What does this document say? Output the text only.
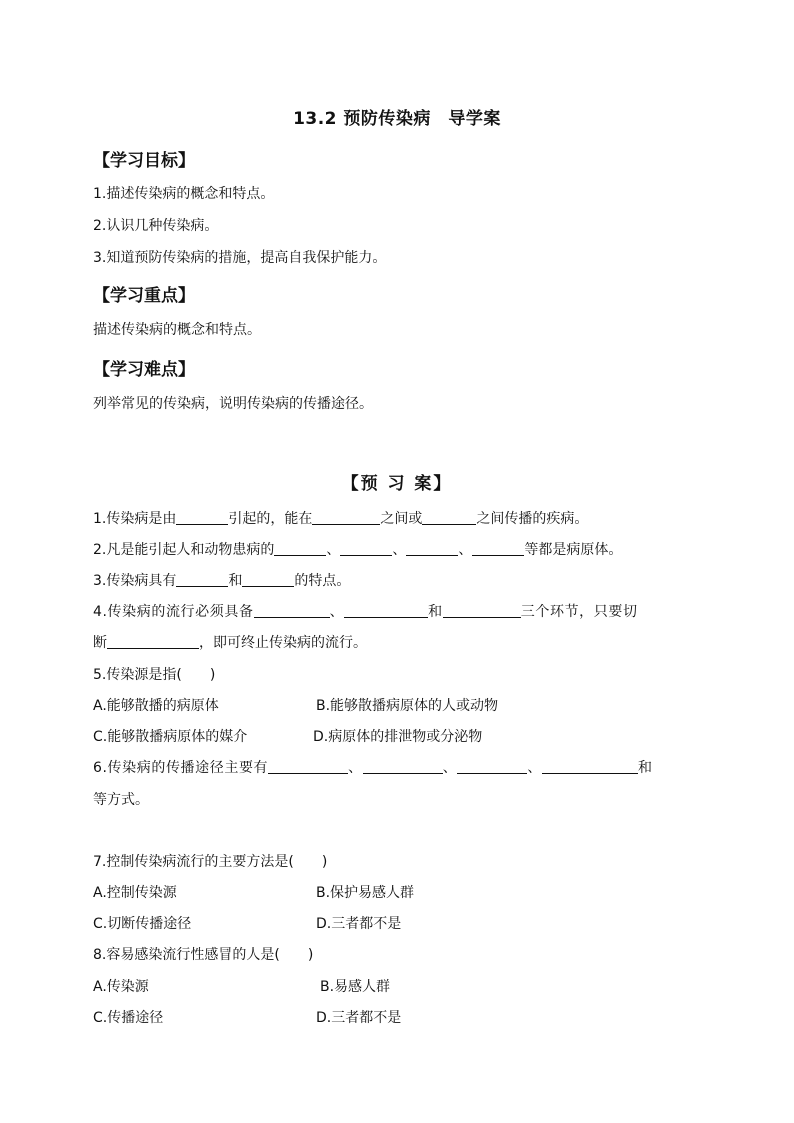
13.2 预防传染病　导学案
【学习目标】
1.描述传染病的概念和特点。
2.认识几种传染病。
3.知道预防传染病的措施，提高自我保护能力。
【学习重点】
描述传染病的概念和特点。
【学习难点】
列举常见的传染病，说明传染病的传播途径。
【预 习 案】
1.传染病是由	引起的，能在	之间或	之间传播的疾病。
2.凡是能引起人和动物患病的	、	、	、	等都是病原体。
3.传染病具有	和	的特点。
4.传染病的流行必须具备	、	和	三个环节，只要切
断	，即可终止传染病的流行。
5.传染源是指(　　)
A.能够散播的病原体	B.能够散播病原体的人或动物
C.能够散播病原体的媒介	D.病原体的排泄物或分泌物
6.传染病的传播途径主要有	、	、	、	和
等方式。
7.控制传染病流行的主要方法是(　　)
A.控制传染源	B.保护易感人群
C.切断传播途径	D.三者都不是
8.容易感染流行性感冒的人是(　　)
A.传染源	B.易感人群
C.传播途径	D.三者都不是
